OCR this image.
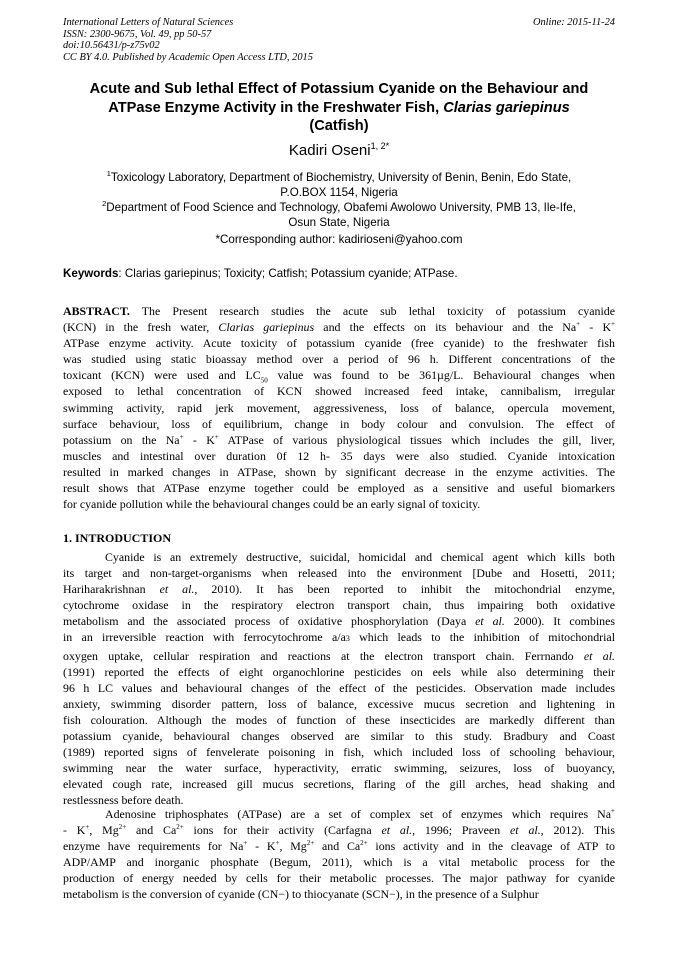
International Letters of Natural Sciences
ISSN: 2300-9675, Vol. 49, pp 50-57
doi:10.56431/p-z75v02
CC BY 4.0. Published by Academic Open Access LTD, 2015
Online: 2015-11-24
Acute and Sub lethal Effect of Potassium Cyanide on the Behaviour and
ATPase Enzyme Activity in the Freshwater Fish, Clarias gariepinus
(Catfish)
Kadiri Oseni$^{1, 2*}$
$^1$Toxicology Laboratory, Department of Biochemistry, University of Benin, Benin, Edo State,
P.O.BOX 1154, Nigeria
$^2$Department of Food Science and Technology, Obafemi Awolowo University, PMB 13, Ile-Ife,
Osun State, Nigeria
*Corresponding author: kadirioseni@yahoo.com
Keywords: Clarias gariepinus; Toxicity; Catfish; Potassium cyanide; ATPase.
ABSTRACT. The Present research studies the acute sub lethal toxicity of potassium cyanide
(KCN) in the fresh water, Clarias gariepinus and the effects on its behaviour and the Na+ - K+
ATPase enzyme activity. Acute toxicity of potassium cyanide (free cyanide) to the freshwater fish
was studied using static bioassay method over a period of 96 h. Different concentrations of the
toxicant (KCN) were used and $LC_{50}$ value was found to be 361µg/L. Behavioural changes when
exposed to lethal concentration of KCN showed increased feed intake, cannibalism, irregular
swimming activity, rapid jerk movement, aggressiveness, loss of balance, opercula movement,
surface behaviour, loss of equilibrium, change in body colour and convulsion. The effect of
potassium on the Na+ - K+ ATPase of various physiological tissues which includes the gill, liver,
muscles and intestinal over duration 0f 12 h- 35 days were also studied. Cyanide intoxication
resulted in marked changes in ATPase, shown by significant decrease in the enzyme activities. The
result shows that ATPase enzyme together could be employed as a sensitive and useful biomarkers
for cyanide pollution while the behavioural changes could be an early signal of toxicity.
1. INTRODUCTION
Cyanide is an extremely destructive, suicidal, homicidal and chemical agent which kills both
its target and non-target-organisms when released into the environment [Dube and Hosetti, 2011;
Hariharakrishnan et al., 2010). It has been reported to inhibit the mitochondrial enzyme,
cytochrome oxidase in the respiratory electron transport chain, thus impairing both oxidative
metabolism and the associated process of oxidative phosphorylation (Daya et al. 2000). It combines
in an irreversible reaction with ferrocytochrome a/a3 which leads to the inhibition of mitochondrial
oxygen uptake, cellular respiration and reactions at the electron transport chain. Ferrnando et al.
(1991) reported the effects of eight organochlorine pesticides on eels while also determining their
96 h LC values and behavioural changes of the effect of the pesticides. Observation made includes
anxiety, swimming disorder pattern, loss of balance, excessive mucus secretion and lightening in
fish colouration. Although the modes of function of these insecticides are markedly different than
potassium cyanide, behavioural changes observed are similar to this study. Bradbury and Coast
(1989) reported signs of fenvelerate poisoning in fish, which included loss of schooling behaviour,
swimming near the water surface, hyperactivity, erratic swimming, seizures, loss of buoyancy,
elevated cough rate, increased gill mucus secretions, flaring of the gill arches, head shaking and
restlessness before death.
Adenosine triphosphates (ATPase) are a set of complex set of enzymes which requires Na+
- K+, $Mg^{2+}$ and $Ca^{2+}$ ions for their activity (Carfagna et al., 1996; Praveen et al., 2012). This
enzyme have requirements for Na+ - K+, $Mg^{2+}$ and $Ca^{2+}$ ions activity and in the cleavage of ATP to
ADP/AMP and inorganic phosphate (Begum, 2011), which is a vital metabolic process for the
production of energy needed by cells for their metabolic processes. The major pathway for cyanide
metabolism is the conversion of cyanide (CN−) to thiocyanate (SCN−), in the presence of a Sulphur
